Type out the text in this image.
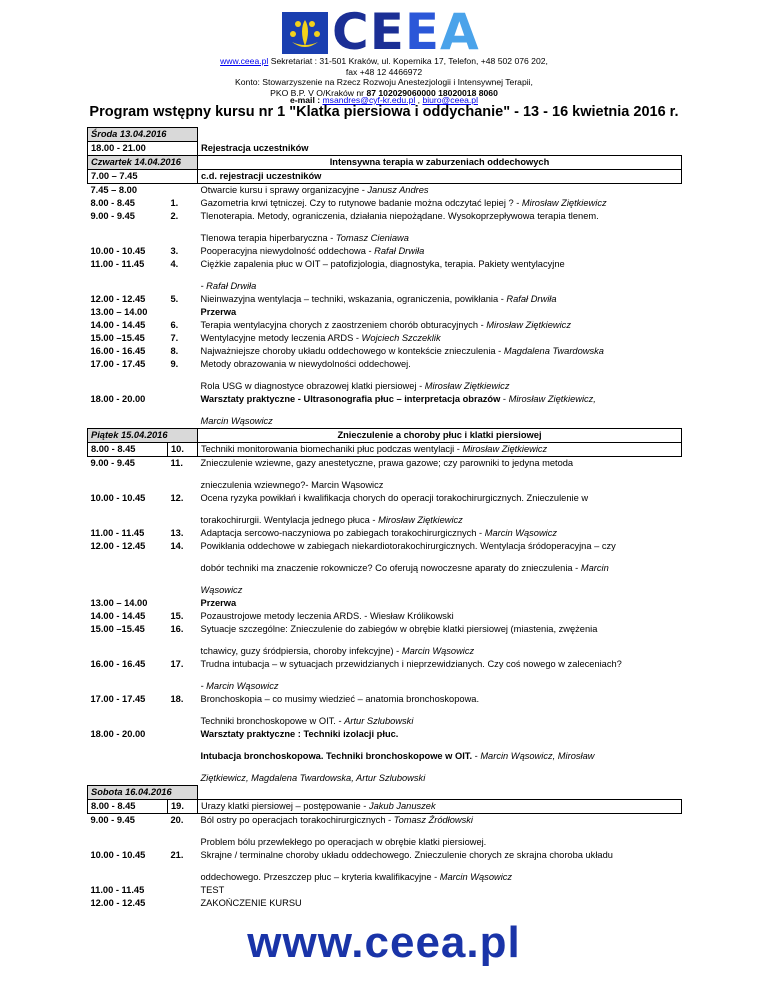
CEEA
www.ceea.pl Sekretariat : 31-501 Kraków, ul. Kopernika 17, Telefon, +48 502 076 202,
fax +48 12 4466972
Konto: Stowarzyszenie na Rzecz Rozwoju Anestezjologii i Intensywnej Terapii,
PKO B.P. V O/Kraków nr 87 102029060000 18020018 8060
e-mail : msandres@cyf-kr.edu.pl , biuro@ceea.pl
Program wstępny kursu nr 1 "Klatka piersiowa i oddychanie" - 13 - 16 kwietnia 2016 r.
Środa 13.04.2016		
18.00 - 21.00		Rejestracja uczestników
Czwartek 14.04.2016		Intensywna terapia w zaburzeniach oddechowych
7.00 – 7.45		c.d. rejestracji uczestników
7.45 – 8.00		Otwarcie kursu i sprawy organizacyjne - Janusz Andres
8.00 - 8.45	1.	Gazometria krwi tętniczej. Czy to rutynowe badanie można odczytać lepiej ? - Mirosław Ziętkiewicz
9.00 - 9.45	2.	Tlenoterapia. Metody, ograniczenia, działania niepożądane. Wysokoprzepływowa terapia tlenem.

Tlenowa terapia hiperbaryczna - Tomasz Cieniawa
10.00 - 10.45	3.	Pooperacyjna niewydolność oddechowa - Rafał Drwiła
11.00 - 11.45	4.	Ciężkie zapalenia płuc w OIT – patofizjologia, diagnostyka, terapia. Pakiety wentylacyjne

- Rafał Drwiła
12.00 - 12.45	5.	Nieinwazyjna wentylacja – techniki, wskazania, ograniczenia, powikłania - Rafał Drwiła
13.00 – 14.00		Przerwa
14.00 - 14.45	6.	Terapia wentylacyjna chorych z zaostrzeniem chorób obturacyjnych - Mirosław Ziętkiewicz
15.00 –15.45	7.	Wentylacyjne metody leczenia ARDS - Wojciech Szczeklik
16.00 - 16.45	8.	Najważniejsze choroby układu oddechowego w kontekście znieczulenia - Magdalena Twardowska
17.00 - 17.45	9.	Metody obrazowania w niewydolności oddechowej.

Rola USG w diagnostyce obrazowej klatki piersiowej - Mirosław Ziętkiewicz
18.00 - 20.00		Warsztaty praktyczne - Ultrasonografia płuc – interpretacja obrazów - Mirosław Ziętkiewicz,

Marcin Wąsowicz
Piątek 15.04.2016		Znieczulenie a choroby płuc i klatki piersiowej
8.00 - 8.45	10.	Techniki monitorowania biomechaniki płuc podczas wentylacji - Mirosław Ziętkiewicz
9.00 - 9.45	11.	Znieczulenie wziewne, gazy anestetyczne, prawa gazowe; czy parowniki to jedyna metoda

znieczulenia wziewnego?- Marcin Wąsowicz
10.00 - 10.45	12.	Ocena ryzyka powikłań i kwalifikacja chorych do operacji torakochirurgicznych. Znieczulenie w

torakochirurgii. Wentylacja jednego płuca - Mirosław Ziętkiewicz
11.00 - 11.45	13.	Adaptacja sercowo-naczyniowa po zabiegach torakochirurgicznych - Marcin Wąsowicz
12.00 - 12.45	14.	Powikłania oddechowe w zabiegach niekardiotorakochirurgicznych. Wentylacja śródoperacyjna – czy

dobór techniki ma znaczenie rokownicze? Co oferują nowoczesne aparaty do znieczulenia - Marcin

Wąsowicz
13.00 – 14.00		Przerwa
14.00 - 14.45	15.	Pozaustrojowe metody leczenia ARDS. - Wiesław Królikowski
15.00 –15.45	16.	Sytuacje szczególne: Znieczulenie do zabiegów w obrębie klatki piersiowej (miastenia, zwężenia

tchawicy, guzy śródpiersia, choroby infekcyjne) - Marcin Wąsowicz
16.00 - 16.45	17.	Trudna intubacja – w sytuacjach przewidzianych i nieprzewidzianych. Czy coś nowego w zaleceniach?

- Marcin Wąsowicz
17.00 - 17.45	18.	Bronchoskopia – co musimy wiedzieć – anatomia bronchoskopowa.

Techniki bronchoskopowe w OIT. - Artur Szlubowski
18.00 - 20.00		Warsztaty praktyczne : Techniki izolacji płuc.

Intubacja bronchoskopowa. Techniki bronchoskopowe w OIT. - Marcin Wąsowicz, Mirosław

Ziętkiewicz, Magdalena Twardowska, Artur Szlubowski
Sobota 16.04.2016		
8.00 - 8.45	19.	Urazy klatki piersiowej – postępowanie - Jakub Januszek
9.00 - 9.45	20.	Ból ostry po operacjach torakochirurgicznych - Tomasz Źródłowski

Problem bólu przewlekłego po operacjach w obrębie klatki piersiowej.
10.00 - 10.45	21.	Skrajne / terminalne choroby układu oddechowego. Znieczulenie chorych ze skrajna choroba układu

oddechowego. Przeszczep płuc – kryteria kwalifikacyjne - Marcin Wąsowicz
11.00 - 11.45		TEST
12.00 - 12.45		ZAKOŃCZENIE KURSU
www.ceea.pl
